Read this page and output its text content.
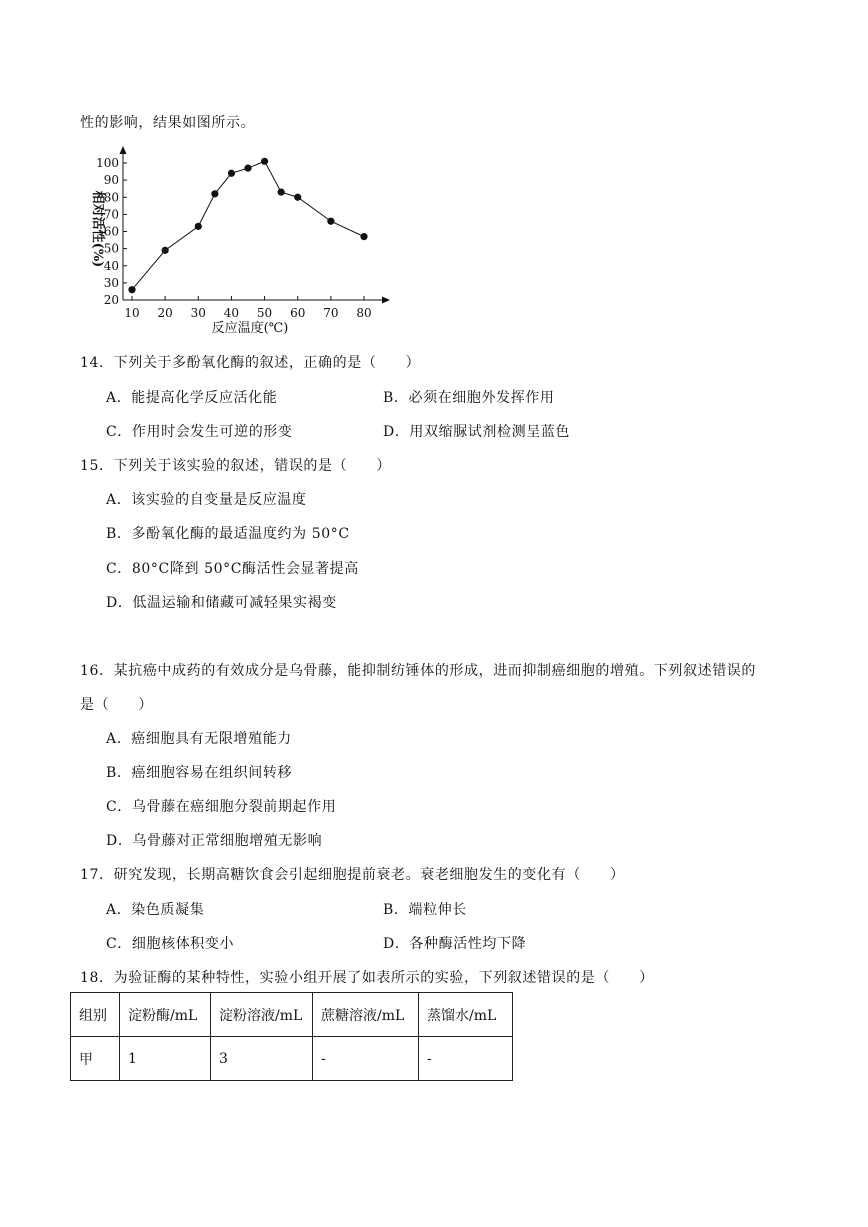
性的影响，结果如图所示。
20
30
40
50
60
70
80
90
100
10 20 30 40 50 60 70 80
相对活性(%)
反应温度(℃)
14．下列关于多酚氧化酶的叙述，正确的是（　　）
A．能提高化学反应活化能	B．必须在细胞外发挥作用
C．作用时会发生可逆的形变	D．用双缩脲试剂检测呈蓝色
15．下列关于该实验的叙述，错误的是（　　）
A．该实验的自变量是反应温度
B．多酚氧化酶的最适温度约为 50°C
C．80°C降到 50°C酶活性会显著提高
D．低温运输和储藏可减轻果实褐变
16．某抗癌中成药的有效成分是乌骨藤，能抑制纺锤体的形成，进而抑制癌细胞的增殖。下列叙述错误的
是（　　）
A．癌细胞具有无限增殖能力
B．癌细胞容易在组织间转移
C．乌骨藤在癌细胞分裂前期起作用
D．乌骨藤对正常细胞增殖无影响
17．研究发现，长期高糖饮食会引起细胞提前衰老。衰老细胞发生的变化有（　　）
A．染色质凝集	B．端粒伸长
C．细胞核体积变小	D．各种酶活性均下降
18．为验证酶的某种特性，实验小组开展了如表所示的实验，下列叙述错误的是（　　）
组别	淀粉酶/mL	淀粉溶液/mL	蔗糖溶液/mL	蒸馏水/mL
甲	1	3	-	-
